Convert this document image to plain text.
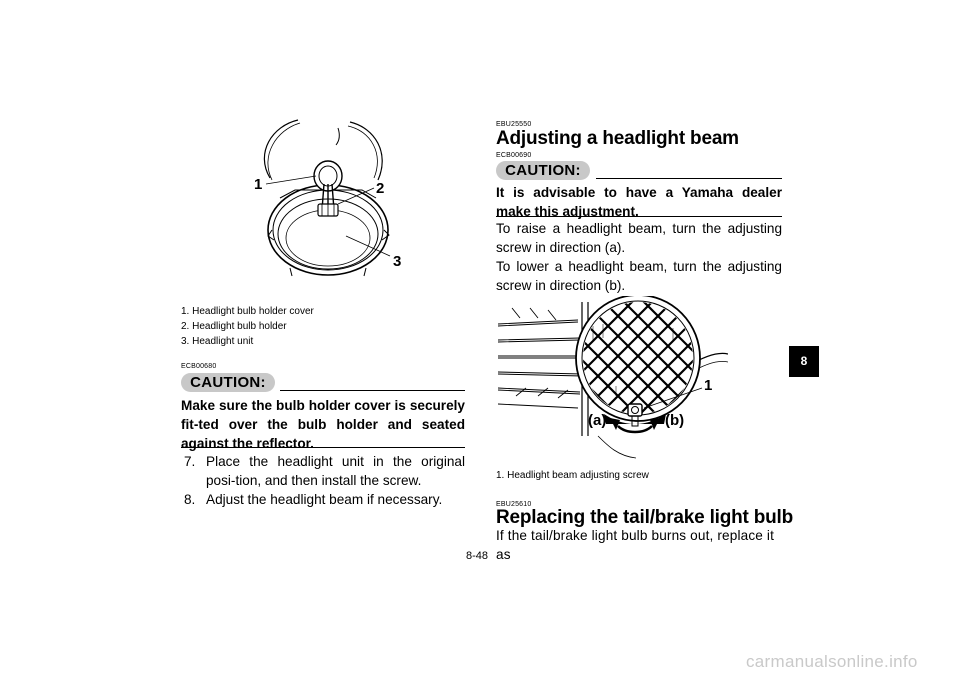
1	2
3
1. Headlight bulb holder cover
2. Headlight bulb holder
3. Headlight unit
ECB00680
CAUTION:
Make sure the bulb holder cover is securely fit-ted over the bulb holder and seated against the reflector.
7. Place the headlight unit in the original posi-tion, and then install the screw.
8. Adjust the headlight beam if necessary.
EBU25550
Adjusting a headlight beam
ECB00690
CAUTION:
It is advisable to have a Yamaha dealer make this adjustment.
To raise a headlight beam, turn the adjusting screw in direction (a).
To lower a headlight beam, turn the adjusting screw in direction (b).
1
(a)	(b)
1. Headlight beam adjusting screw
EBU25610
Replacing the tail/brake light bulb
If the tail/brake light bulb burns out, replace it as
8-48
8
carmanualsonline.info
